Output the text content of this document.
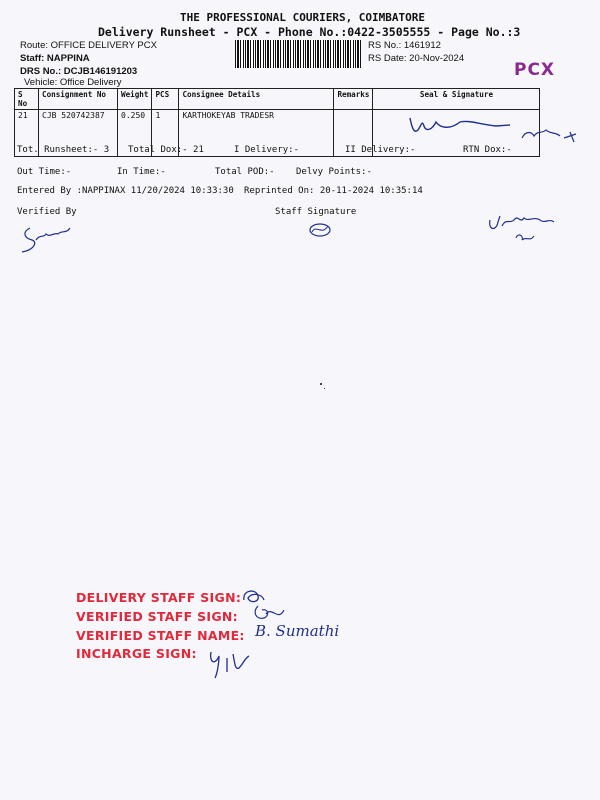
THE PROFESSIONAL COURIERS, COIMBATORE
Delivery Runsheet - PCX - Phone No.:0422-3505555 - Page No.:3
Route: OFFICE DELIVERY PCX
Staff: NAPPINA
DRS No.: DCJB146191203
Vehicle: Office Delivery
RS No.: 1461912
RS Date: 20-Nov-2024
PCX
S No	Consignment No	Weight	PCS	Consignee Details	Remarks	Seal & Signature
21	CJB 520742387	0.250	1	KARTHOKEYAB TRADESR		
Tot. Runsheet:- 3 Total Dox:- 21	I Delivery:-	II Delivery:-	RTN Dox:-
Out Time:-	In Time:-	Total POD:- Delvy Points:-
Entered By :NAPPINAX 11/20/2024 10:33:30 Reprinted On: 20-11-2024 10:35:14
Verified By	Staff Signature
DELIVERY STAFF SIGN:
VERIFIED STAFF SIGN:
VERIFIED STAFF NAME:
INCHARGE SIGN:
B. Sumathi
